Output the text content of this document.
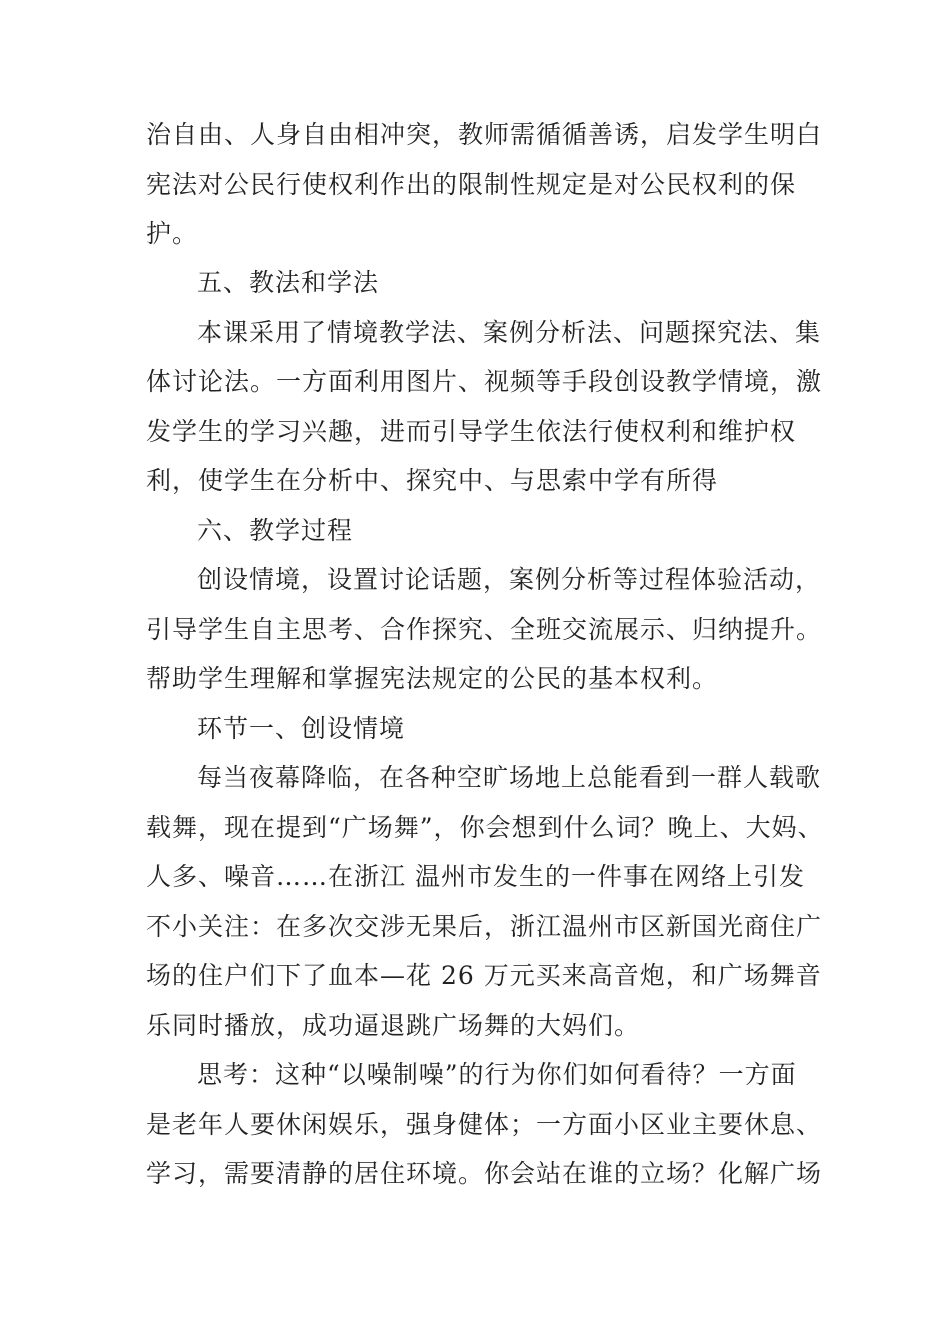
治自由、人身自由相冲突，教师需循循善诱，启发学生明白
宪法对公民行使权利作出的限制性规定是对公民权利的保
护。
五、教法和学法
本课采用了情境教学法、案例分析法、问题探究法、集
体讨论法。一方面利用图片、视频等手段创设教学情境，激
发学生的学习兴趣，进而引导学生依法行使权利和维护权
利，使学生在分析中、探究中、与思索中学有所得
六、教学过程
创设情境，设置讨论话题，案例分析等过程体验活动，
引导学生自主思考、合作探究、全班交流展示、归纳提升。
帮助学生理解和掌握宪法规定的公民的基本权利。
环节一、创设情境
每当夜幕降临，在各种空旷场地上总能看到一群人载歌
载舞，现在提到“广场舞”，你会想到什么词？晚上、大妈、
人多、噪音……在浙江 温州市发生的一件事在网络上引发
不小关注：在多次交涉无果后，浙江温州市区新国光商住广
场的住户们下了血本—花 26 万元买来高音炮，和广场舞音
乐同时播放，成功逼退跳广场舞的大妈们。
思考：这种“以噪制噪”的行为你们如何看待？一方面
是老年人要休闲娱乐，强身健体；一方面小区业主要休息、
学习，需要清静的居住环境。你会站在谁的立场？化解广场
